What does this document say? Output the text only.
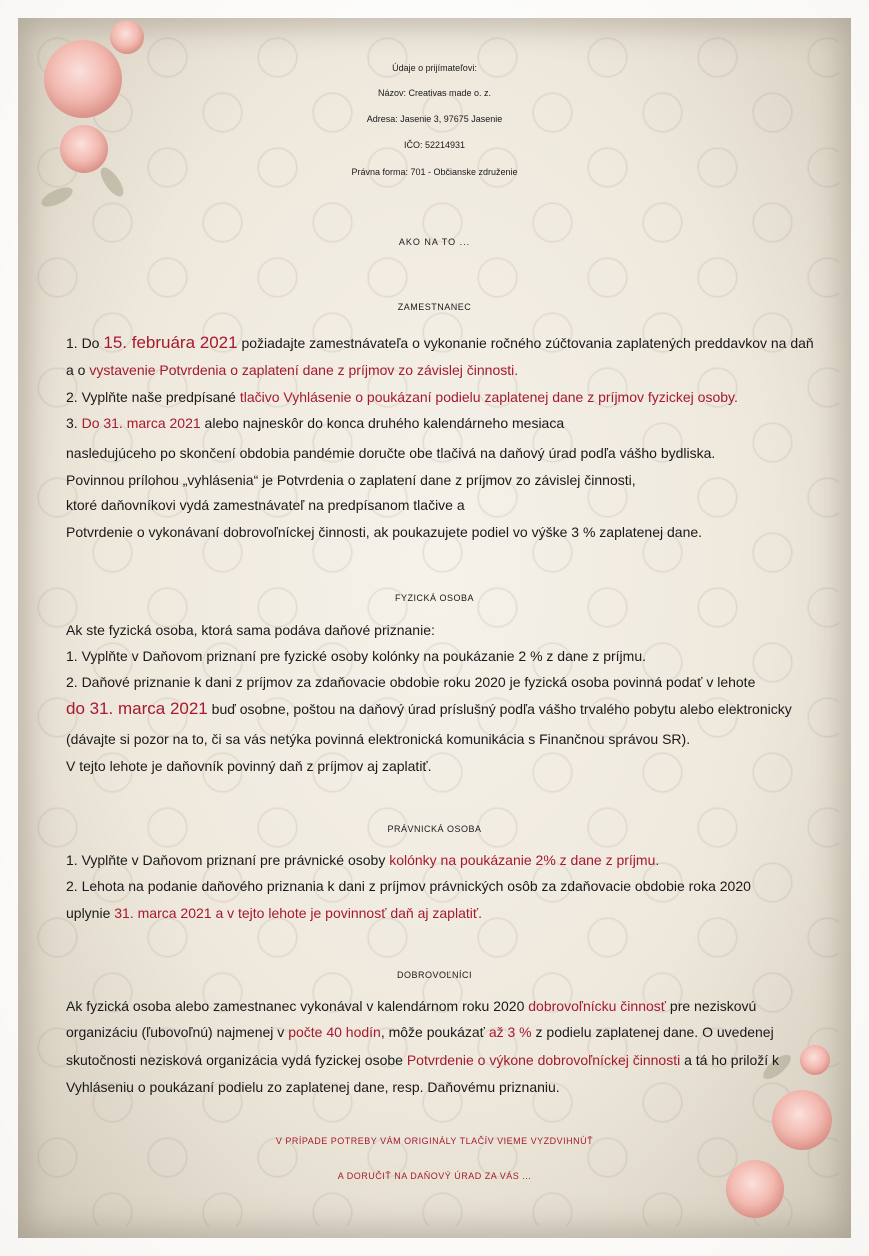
Údaje o prijímateľovi:
Názov: Creativas made o. z.
Adresa: Jasenie 3, 97675 Jasenie
IČO: 52214931
Právna forma: 701 - Občianske združenie
AKO NA TO ...
ZAMESTNANEC
1. Do 15. februára 2021 požiadajte zamestnávateľa o vykonanie ročného zúčtovania zaplatených preddavkov na daň
a o vystavenie Potvrdenia o zaplatení dane z príjmov zo závislej činnosti.
2. Vyplňte naše predpísané tlačivo Vyhlásenie o poukázaní podielu zaplatenej dane z príjmov fyzickej osoby.
3. Do 31. marca 2021 alebo najneskôr do konca druhého kalendárneho mesiaca
nasledujúceho po skončení obdobia pandémie doručte obe tlačivá na daňový úrad podľa vášho bydliska.
Povinnou prílohou „vyhlásenia“ je Potvrdenia o zaplatení dane z príjmov zo závislej činnosti,
ktoré daňovníkovi vydá zamestnávateľ na predpísanom tlačive a
Potvrdenie o vykonávaní dobrovoľníckej činnosti, ak poukazujete podiel vo výške 3 % zaplatenej dane.
FYZICKÁ OSOBA
Ak ste fyzická osoba, ktorá sama podáva daňové priznanie:
1. Vyplňte v Daňovom priznaní pre fyzické osoby kolónky na poukázanie 2 % z dane z príjmu.
2. Daňové priznanie k dani z príjmov za zdaňovacie obdobie roku 2020 je fyzická osoba povinná podať v lehote
do 31. marca 2021 buď osobne, poštou na daňový úrad príslušný podľa vášho trvalého pobytu alebo elektronicky
(dávajte si pozor na to, či sa vás netýka povinná elektronická komunikácia s Finančnou správou SR).
V tejto lehote je daňovník povinný daň z príjmov aj zaplatiť.
PRÁVNICKÁ OSOBA
1. Vyplňte v Daňovom priznaní pre právnické osoby kolónky na poukázanie 2% z dane z príjmu.
2. Lehota na podanie daňového priznania k dani z príjmov právnických osôb za zdaňovacie obdobie roka 2020
uplynie 31. marca 2021 a v tejto lehote je povinnosť daň aj zaplatiť.
DOBROVOĽNÍCI
Ak fyzická osoba alebo zamestnanec vykonával v kalendárnom roku 2020 dobrovoľnícku činnosť pre neziskovú
organizáciu (ľubovoľnú) najmenej v počte 40 hodín, môže poukázať až 3 % z podielu zaplatenej dane. O uvedenej
skutočnosti nezisková organizácia vydá fyzickej osobe Potvrdenie o výkone dobrovoľníckej činnosti a tá ho priloží k
Vyhláseniu o poukázaní podielu zo zaplatenej dane, resp. Daňovému priznaniu.
V PRÍPADE POTREBY VÁM ORIGINÁLY TLAČÍV VIEME VYZDVIHNÚŤ
A DORUČIŤ NA DAŇOVÝ ÚRAD ZA VÁS ...
